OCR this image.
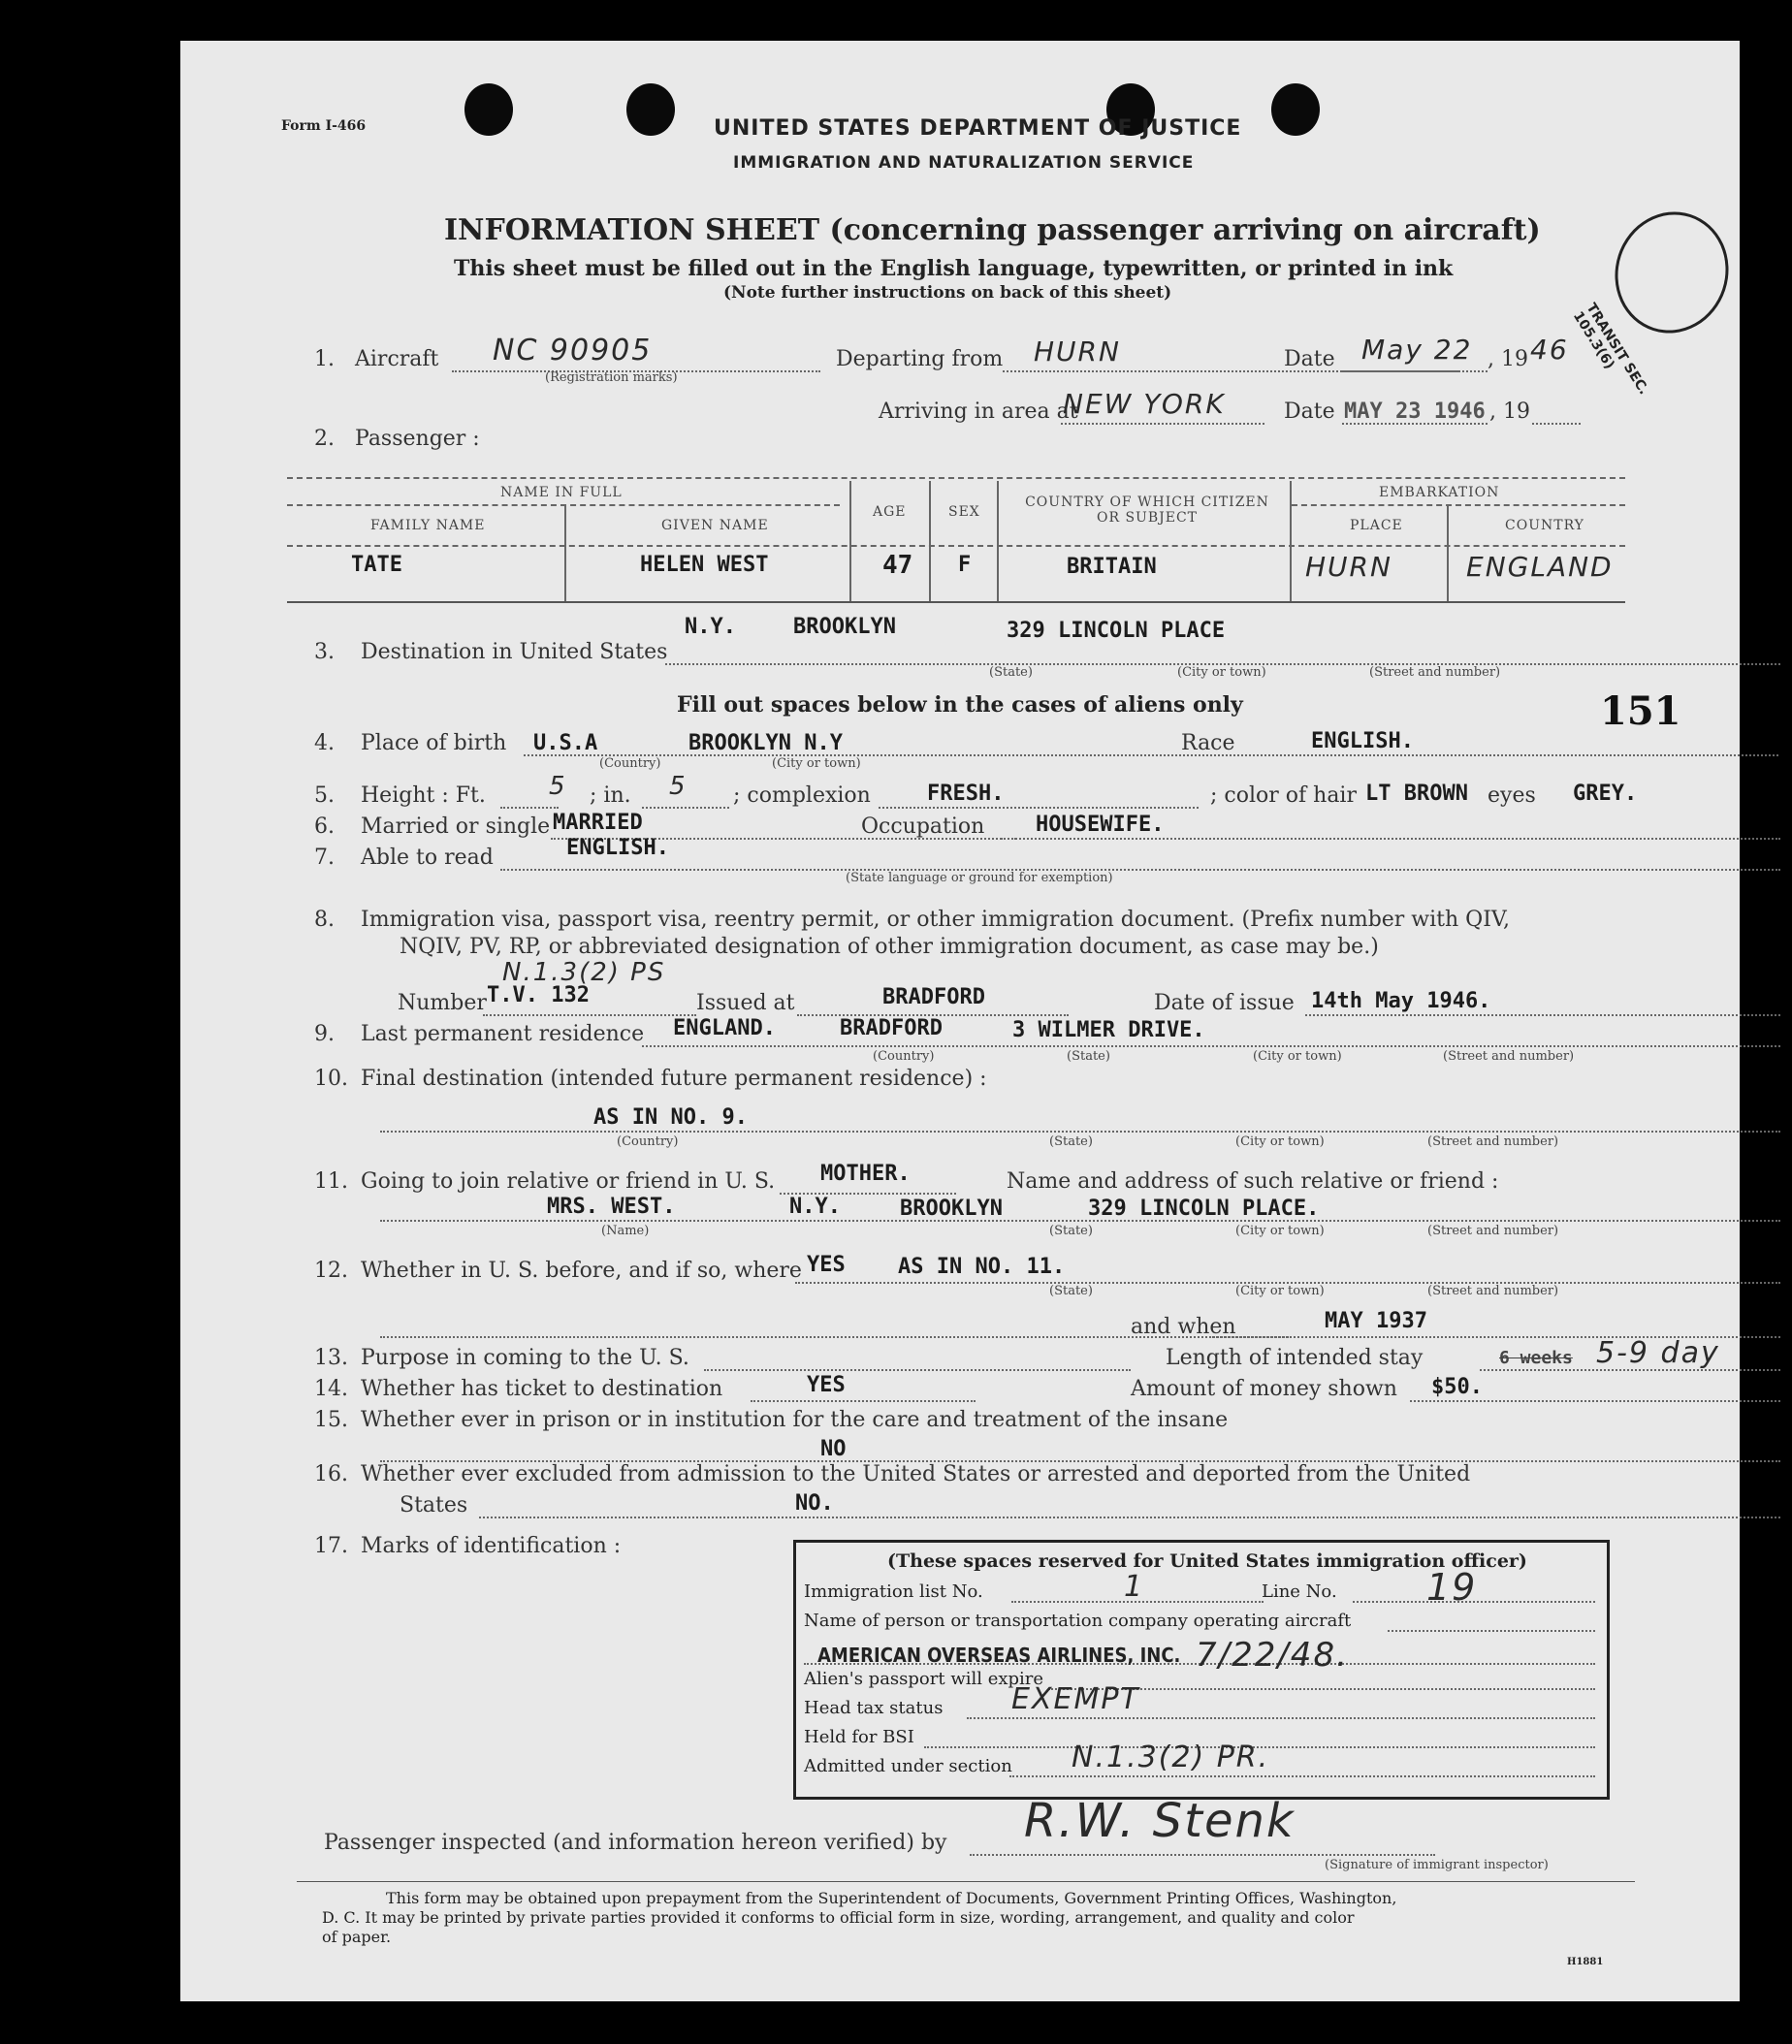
Form I-466	UNITED STATES DEPARTMENT OF JUSTICE
IMMIGRATION AND NATURALIZATION SERVICE
INFORMATION SHEET (concerning passenger arriving on aircraft)
This sheet must be filled out in the English language, typewritten, or printed in ink
(Note further instructions on back of this sheet)
TRANSIT SEC. 105.3(6)
1. Aircraft NC 90905
(Registration marks)
Departing from HURN	Date May 22 , 19 46
Arriving in area at
NEW YORK	Date MAY 23 1946 , 19
2. Passenger :
NAME IN FULL
FAMILY NAME	GIVEN NAME
AGE	SEX
COUNTRY OF WHICH CITIZEN OR SUBJECT
EMBARKATION
PLACE	COUNTRY
TATE	HELEN WEST	47 F	BRITAIN	HURN	ENGLAND
3. Destination in United States
N.Y.	BROOKLYN	329 LINCOLN PLACE
(State)	(City or town)	(Street and number)
Fill out spaces below in the cases of aliens only	151
4. Place of birth U.S.A	BROOKLYN N.Y
(Country)	(City or town)
Race	ENGLISH.
5. Height : Ft.	5 ; in. 5 ; complexion	FRESH.	; color of hair LT BROWN eyes GREY.
6. Married or single MARRIED	Occupation HOUSEWIFE.
7. Able to read	ENGLISH.
(State language or ground for exemption)
8. Immigration visa, passport visa, reentry permit, or other immigration document. (Prefix number with QIV,
NQIV, PV, RP, or abbreviated designation of other immigration document, as case may be.)
N.1.3(2) PS
Number T.V. 132	Issued at	BRADFORD	Date of issue 14th May 1946.
9. Last permanent residence ENGLAND.	BRADFORD	3 WILMER DRIVE.
(Country)	(State)	(City or town)	(Street and number)
10. Final destination (intended future permanent residence) :
AS IN NO. 9.
(Country)	(State)	(City or town)	(Street and number)
11. Going to join relative or friend in U. S. MOTHER.	Name and address of such relative or friend :
MRS. WEST.	N.Y.	BROOKLYN	329 LINCOLN PLACE.
(Name)	(State)	(City or town)	(Street and number)
12. Whether in U. S. before, and if so, where YES AS IN NO. 11.
(State)	(City or town)	(Street and number)
and when	MAY 1937
13. Purpose in coming to the U. S.	Length of intended stay	6 weeks 5-9 day
14. Whether has ticket to destination	YES	Amount of money shown $50.
15. Whether ever in prison or in institution for the care and treatment of the insane
NO
16. Whether ever excluded from admission to the United States or arrested and deported from the United
States	NO.
17. Marks of identification :
(These spaces reserved for United States immigration officer)
Immigration list No.	1	Line No. 19
Name of person or transportation company operating aircraft
AMERICAN OVERSEAS AIRLINES, INC. 7/22/48.
Alien's passport will expire
Head tax status EXEMPT
Held for BSI
Admitted under section N.1.3(2) PR.
Passenger inspected (and information hereon verified) by R.W. Stenk
(Signature of immigrant inspector)
This form may be obtained upon prepayment from the Superintendent of Documents, Government Printing Offices, Washington,
D. C. It may be printed by private parties provided it conforms to official form in size, wording, arrangement, and quality and color
of paper.
H1881
